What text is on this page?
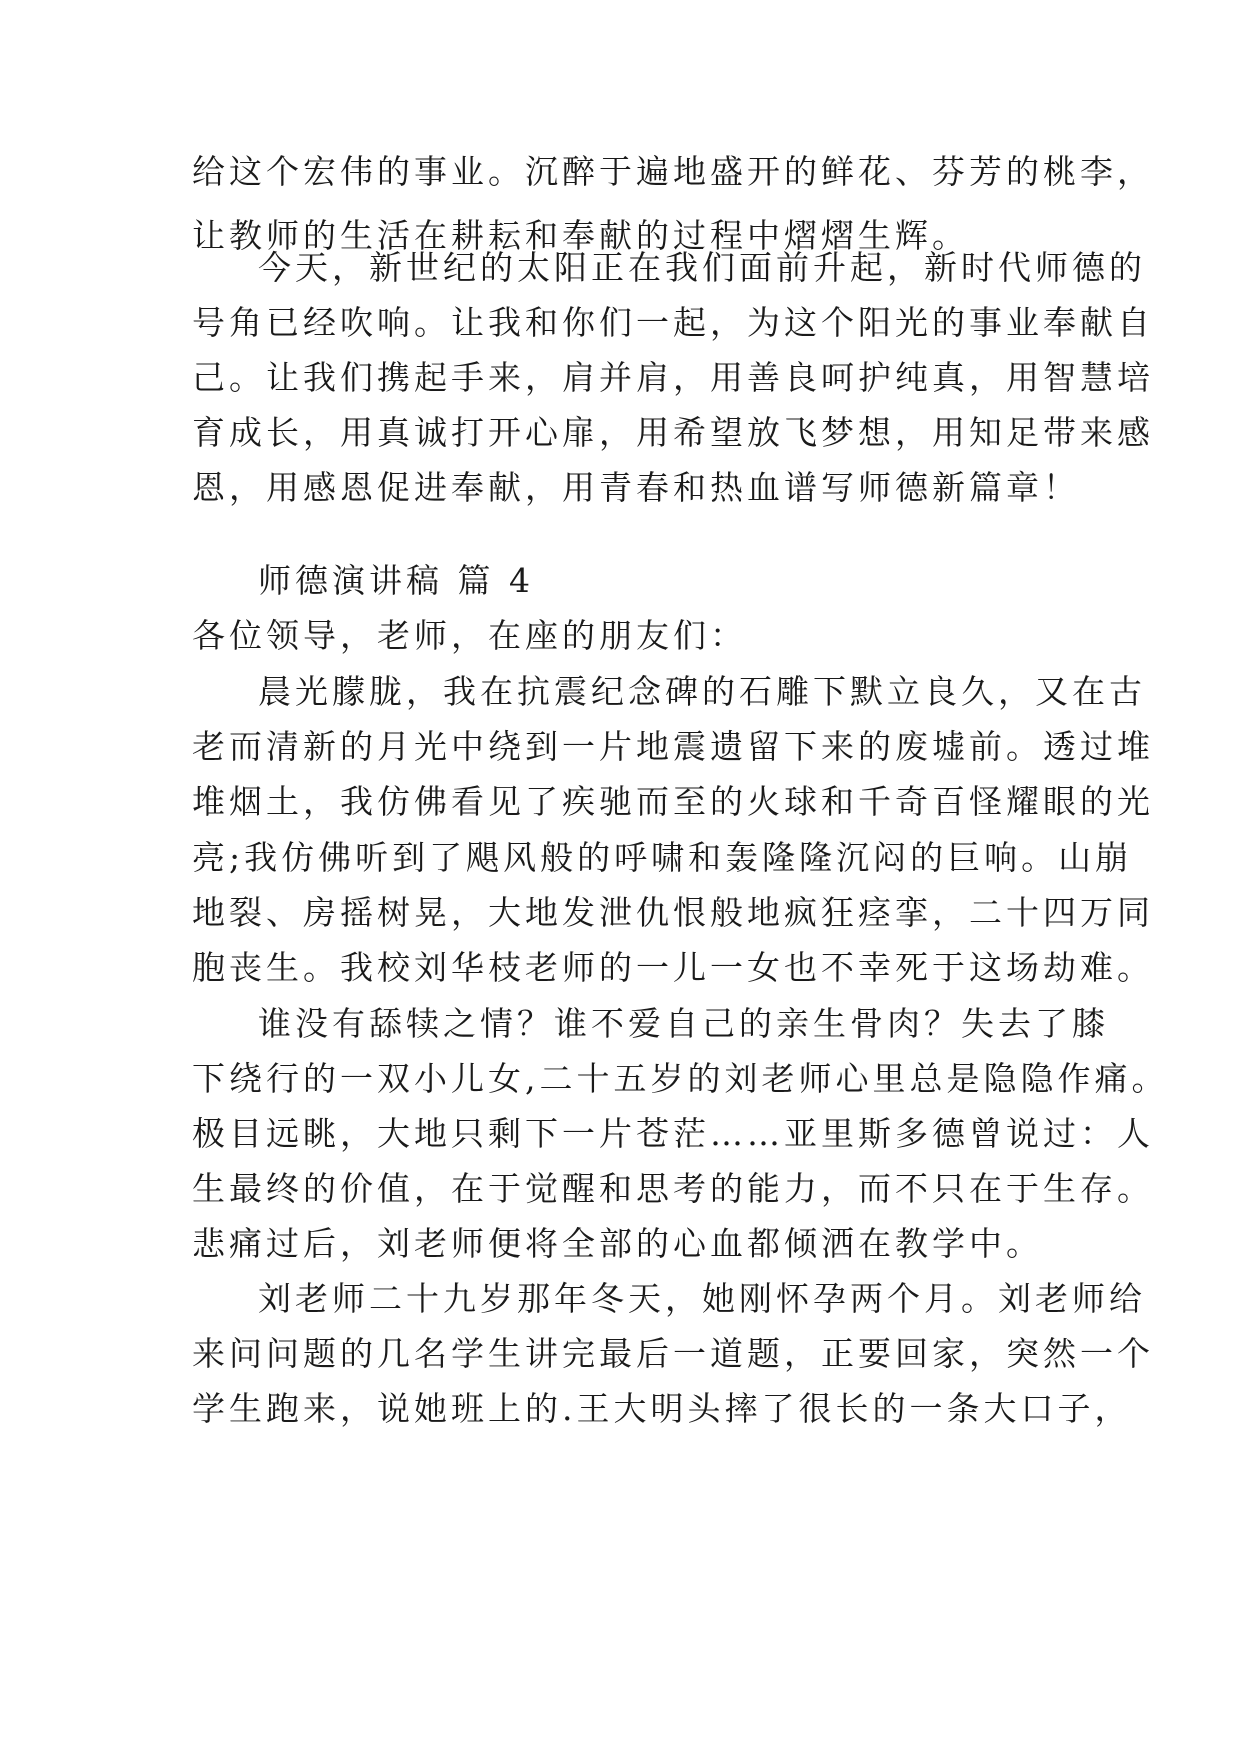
给这个宏伟的事业。沉醉于遍地盛开的鲜花、芬芳的桃李，
让教师的生活在耕耘和奉献的过程中熠熠生辉。
今天，新世纪的太阳正在我们面前升起，新时代师德的
号角已经吹响。让我和你们一起，为这个阳光的事业奉献自
己。让我们携起手来，肩并肩，用善良呵护纯真，用智慧培
育成长，用真诚打开心扉，用希望放飞梦想，用知足带来感
恩，用感恩促进奉献，用青春和热血谱写师德新篇章！
师德演讲稿 篇 4
各位领导，老师，在座的朋友们：
晨光朦胧，我在抗震纪念碑的石雕下默立良久，又在古
老而清新的月光中绕到一片地震遗留下来的废墟前。透过堆
堆烟土，我仿佛看见了疾驰而至的火球和千奇百怪耀眼的光
亮;我仿佛听到了飓风般的呼啸和轰隆隆沉闷的巨响。山崩
地裂、房摇树晃，大地发泄仇恨般地疯狂痉挛，二十四万同
胞丧生。我校刘华枝老师的一儿一女也不幸死于这场劫难。
谁没有舔犊之情？谁不爱自己的亲生骨肉？失去了膝
下绕行的一双小儿女,二十五岁的刘老师心里总是隐隐作痛。
极目远眺，大地只剩下一片苍茫……亚里斯多德曾说过：人
生最终的价值，在于觉醒和思考的能力，而不只在于生存。
悲痛过后，刘老师便将全部的心血都倾洒在教学中。
刘老师二十九岁那年冬天，她刚怀孕两个月。刘老师给
来问问题的几名学生讲完最后一道题，正要回家，突然一个
学生跑来，说她班上的.王大明头摔了很长的一条大口子，
